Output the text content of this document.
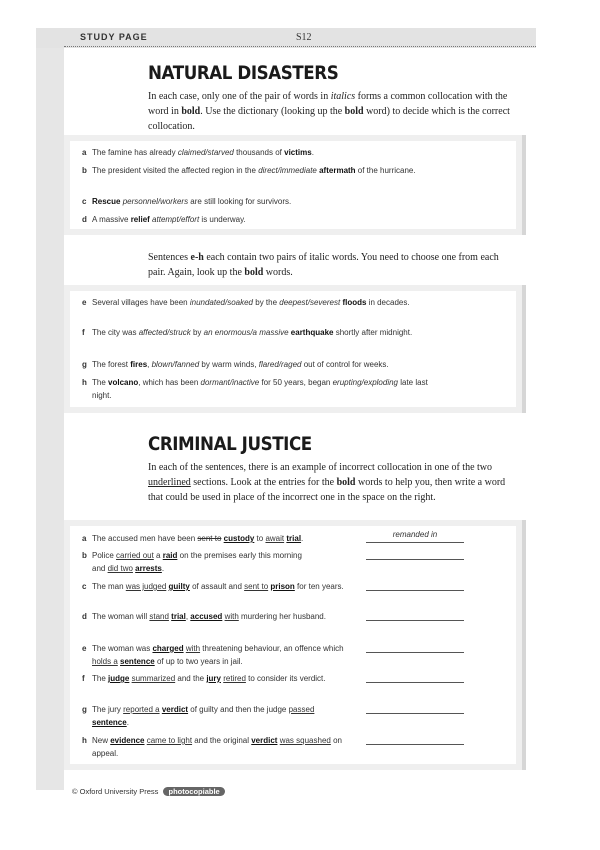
STUDY PAGE	S12
NATURAL DISASTERS
In each case, only one of the pair of words in italics forms a common collocation with the word in bold. Use the dictionary (looking up the bold word) to decide which is the correct collocation.
a The famine has already claimed/starved thousands of victims.
b The president visited the affected region in the direct/immediate aftermath of the hurricane.
c Rescue personnel/workers are still looking for survivors.
d A massive relief attempt/effort is underway.
Sentences e-h each contain two pairs of italic words. You need to choose one from each pair. Again, look up the bold words.
e Several villages have been inundated/soaked by the deepest/severest floods in decades.
f The city was affected/struck by an enormous/a massive earthquake shortly after midnight.
g The forest fires, blown/fanned by warm winds, flared/raged out of control for weeks.
h The volcano, which has been dormant/inactive for 50 years, began erupting/exploding late last night.
CRIMINAL JUSTICE
In each of the sentences, there is an example of incorrect collocation in one of the two underlined sections. Look at the entries for the bold words to help you, then write a word that could be used in place of the incorrect one in the space on the right.
a The accused men have been sent to custody to await trial.	remanded in
b Police carried out a raid on the premises early this morning and did two arrests.
c The man was judged guilty of assault and sent to prison for ten years.
d The woman will stand trial, accused with murdering her husband.
e The woman was charged with threatening behaviour, an offence which holds a sentence of up to two years in jail.
f The judge summarized and the jury retired to consider its verdict.
g The jury reported a verdict of guilty and then the judge passed sentence.
h New evidence came to light and the original verdict was squashed on appeal.
© Oxford University Press photocopiable
